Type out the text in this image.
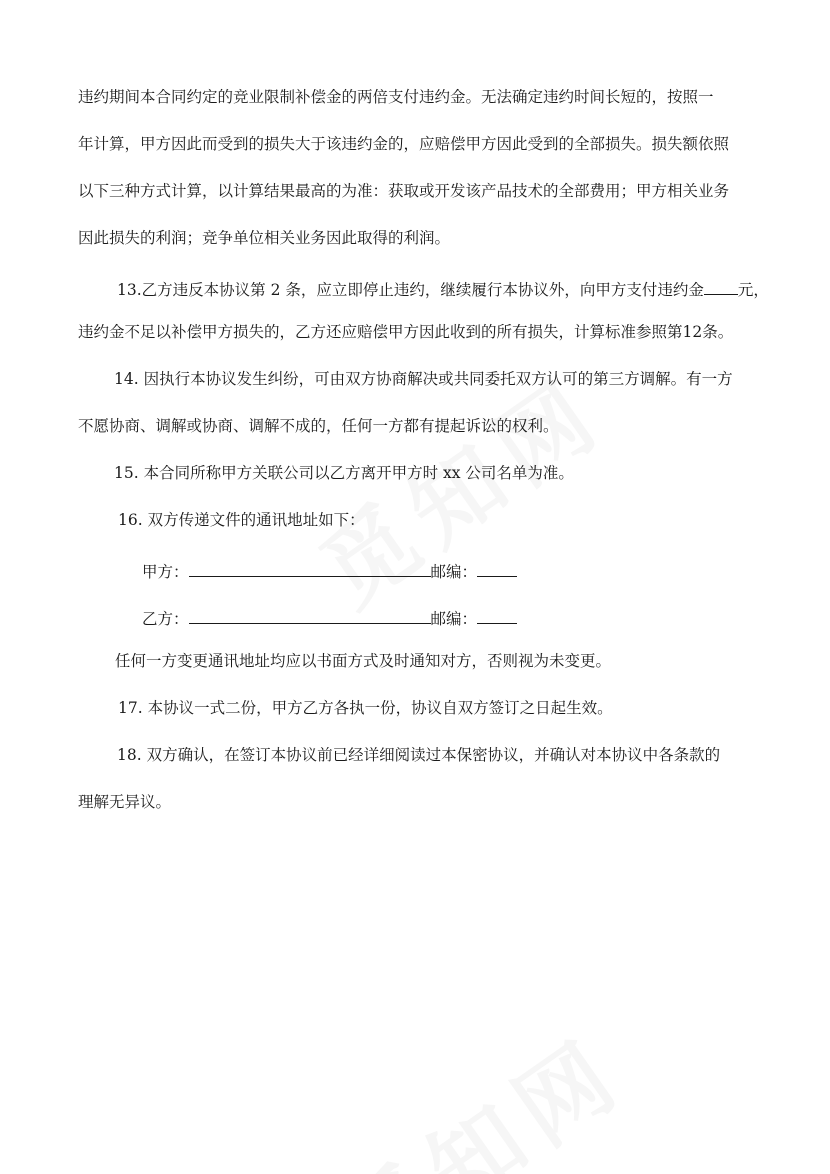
违约期间本合同约定的竞业限制补偿金的两倍支付违约金。无法确定违约时间长短的，按照一
年计算，甲方因此而受到的损失大于该违约金的，应赔偿甲方因此受到的全部损失。损失额依照
以下三种方式计算，以计算结果最高的为准：获取或开发该产品技术的全部费用；甲方相关业务
因此损失的利润；竞争单位相关业务因此取得的利润。
13.乙方违反本协议第 2 条，应立即停止违约，继续履行本协议外，向甲方支付违约金 元，
违约金不足以补偿甲方损失的，乙方还应赔偿甲方因此收到的所有损失，计算标准参照第12条。
14. 因执行本协议发生纠纷，可由双方协商解决或共同委托双方认可的第三方调解。有一方
不愿协商、调解或协商、调解不成的，任何一方都有提起诉讼的权利。
15. 本合同所称甲方关联公司以乙方离开甲方时 xx 公司名单为准。
16. 双方传递文件的通讯地址如下：
甲方：	邮编：
乙方：	邮编：
任何一方变更通讯地址均应以书面方式及时通知对方，否则视为未变更。
17. 本协议一式二份，甲方乙方各执一份，协议自双方签订之日起生效。
18. 双方确认，在签订本协议前已经详细阅读过本保密协议，并确认对本协议中各条款的
理解无异议。
